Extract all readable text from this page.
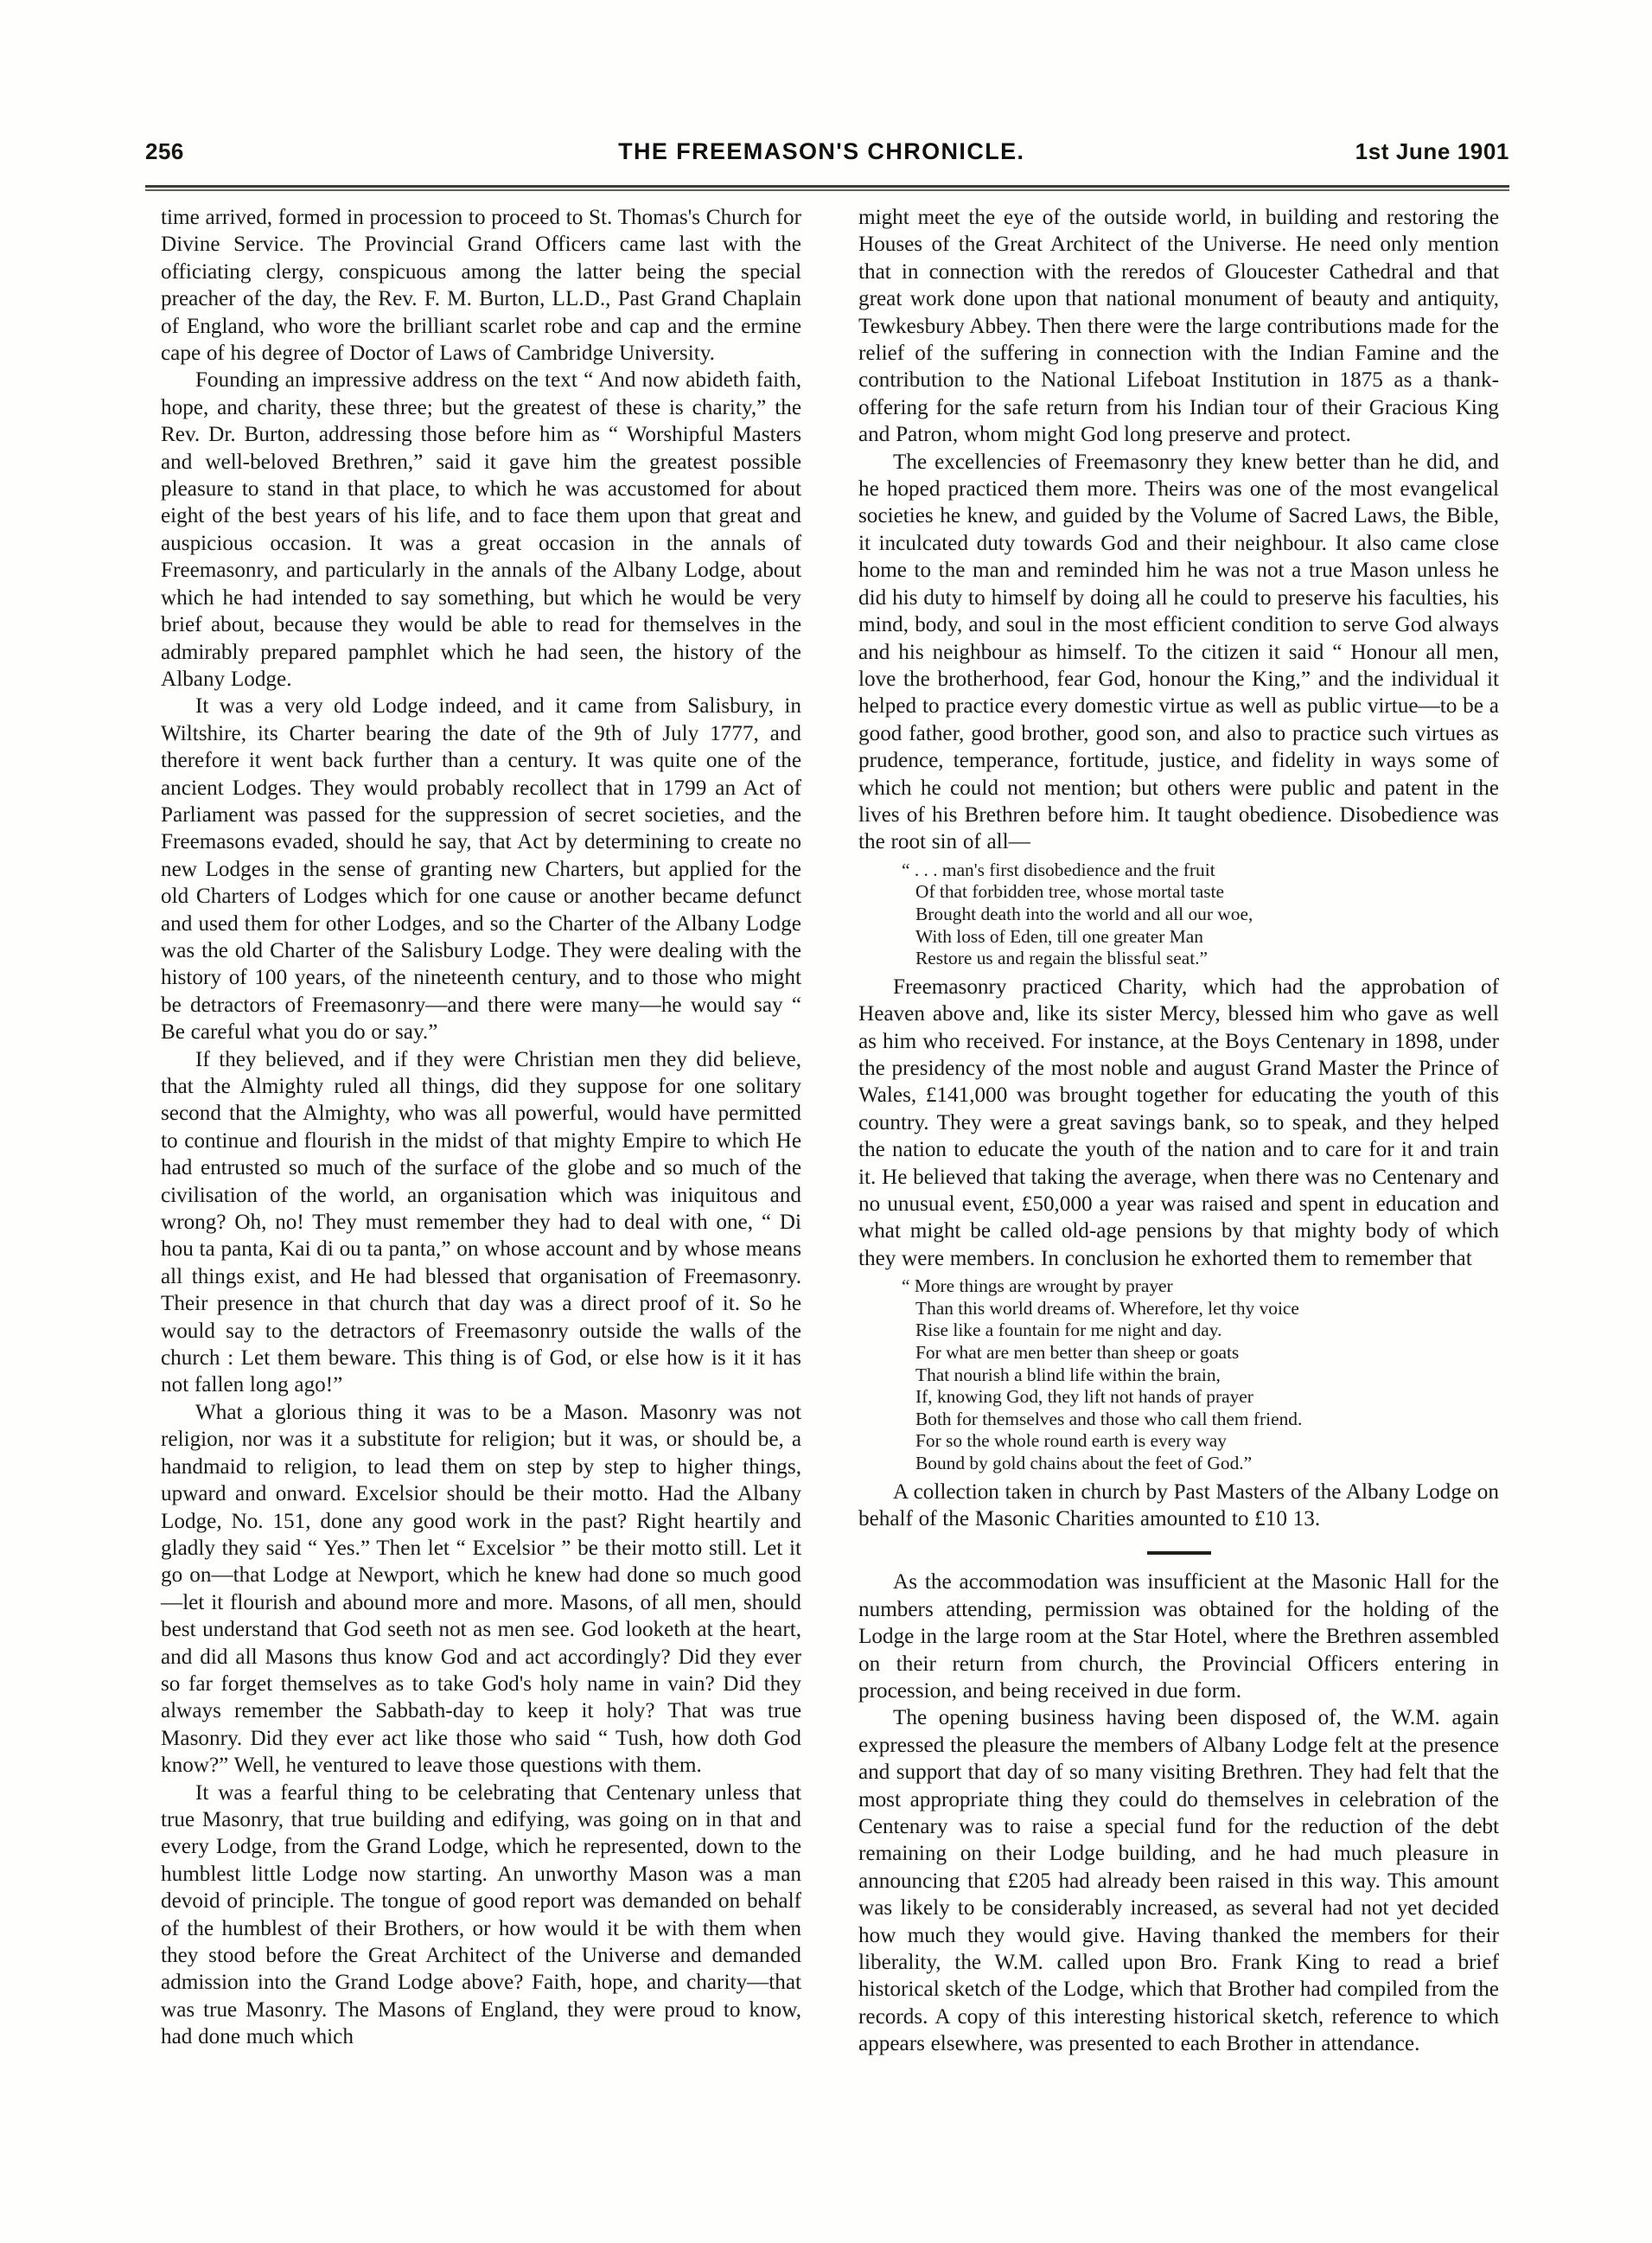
256	THE FREEMASON'S CHRONICLE.	1st June 1901

time arrived, formed in procession to proceed to St. Thomas's Church for Divine Service. The Provincial Grand Officers came last with the officiating clergy, conspicuous among the latter being the special preacher of the day, the Rev. F. M. Burton, LL.D., Past Grand Chaplain of England, who wore the brilliant scarlet robe and cap and the ermine cape of his degree of Doctor of Laws of Cambridge University.

Founding an impressive address on the text “ And now abideth faith, hope, and charity, these three; but the greatest of these is charity,” the Rev. Dr. Burton, addressing those before him as “ Worshipful Masters and well-beloved Brethren,” said it gave him the greatest possible pleasure to stand in that place, to which he was accustomed for about eight of the best years of his life, and to face them upon that great and auspicious occasion. It was a great occasion in the annals of Freemasonry, and particularly in the annals of the Albany Lodge, about which he had intended to say something, but which he would be very brief about, because they would be able to read for themselves in the admirably prepared pamphlet which he had seen, the history of the Albany Lodge.

It was a very old Lodge indeed, and it came from Salisbury, in Wiltshire, its Charter bearing the date of the 9th of July 1777, and therefore it went back further than a century. It was quite one of the ancient Lodges. They would probably recollect that in 1799 an Act of Parliament was passed for the suppression of secret societies, and the Freemasons evaded, should he say, that Act by determining to create no new Lodges in the sense of granting new Charters, but applied for the old Charters of Lodges which for one cause or another became defunct and used them for other Lodges, and so the Charter of the Albany Lodge was the old Charter of the Salisbury Lodge. They were dealing with the history of 100 years, of the nineteenth century, and to those who might be detractors of Freemasonry—and there were many—he would say “ Be careful what you do or say.”

If they believed, and if they were Christian men they did believe, that the Almighty ruled all things, did they suppose for one solitary second that the Almighty, who was all powerful, would have permitted to continue and flourish in the midst of that mighty Empire to which He had entrusted so much of the surface of the globe and so much of the civilisation of the world, an organisation which was iniquitous and wrong? Oh, no! They must remember they had to deal with one, “ Di hou ta panta, Kai di ou ta panta,” on whose account and by whose means all things exist, and He had blessed that organisation of Freemasonry. Their presence in that church that day was a direct proof of it. So he would say to the detractors of Freemasonry outside the walls of the church : Let them beware. This thing is of God, or else how is it it has not fallen long ago!”

What a glorious thing it was to be a Mason. Masonry was not religion, nor was it a substitute for religion; but it was, or should be, a handmaid to religion, to lead them on step by step to higher things, upward and onward. Excelsior should be their motto. Had the Albany Lodge, No. 151, done any good work in the past? Right heartily and gladly they said “ Yes.” Then let “ Excelsior ” be their motto still. Let it go on—that Lodge at Newport, which he knew had done so much good—let it flourish and abound more and more. Masons, of all men, should best understand that God seeth not as men see. God looketh at the heart, and did all Masons thus know God and act accordingly? Did they ever so far forget themselves as to take God's holy name in vain? Did they always remember the Sabbath-day to keep it holy? That was true Masonry. Did they ever act like those who said “ Tush, how doth God know?” Well, he ventured to leave those questions with them.

It was a fearful thing to be celebrating that Centenary unless that true Masonry, that true building and edifying, was going on in that and every Lodge, from the Grand Lodge, which he represented, down to the humblest little Lodge now starting. An unworthy Mason was a man devoid of principle. The tongue of good report was demanded on behalf of the humblest of their Brothers, or how would it be with them when they stood before the Great Architect of the Universe and demanded admission into the Grand Lodge above? Faith, hope, and charity—that was true Masonry. The Masons of England, they were proud to know, had done much which

might meet the eye of the outside world, in building and restoring the Houses of the Great Architect of the Universe. He need only mention that in connection with the reredos of Gloucester Cathedral and that great work done upon that national monument of beauty and antiquity, Tewkesbury Abbey. Then there were the large contributions made for the relief of the suffering in connection with the Indian Famine and the contribution to the National Lifeboat Institution in 1875 as a thank-offering for the safe return from his Indian tour of their Gracious King and Patron, whom might God long preserve and protect.

The excellencies of Freemasonry they knew better than he did, and he hoped practiced them more. Theirs was one of the most evangelical societies he knew, and guided by the Volume of Sacred Laws, the Bible, it inculcated duty towards God and their neighbour. It also came close home to the man and reminded him he was not a true Mason unless he did his duty to himself by doing all he could to preserve his faculties, his mind, body, and soul in the most efficient condition to serve God always and his neighbour as himself. To the citizen it said “ Honour all men, love the brotherhood, fear God, honour the King,” and the individual it helped to practice every domestic virtue as well as public virtue—to be a good father, good brother, good son, and also to practice such virtues as prudence, temperance, fortitude, justice, and fidelity in ways some of which he could not mention; but others were public and patent in the lives of his Brethren before him. It taught obedience. Disobedience was the root sin of all—

“ . . . man's first disobedience and the fruit
Of that forbidden tree, whose mortal taste
Brought death into the world and all our woe,
With loss of Eden, till one greater Man
Restore us and regain the blissful seat.”

Freemasonry practiced Charity, which had the approbation of Heaven above and, like its sister Mercy, blessed him who gave as well as him who received. For instance, at the Boys Centenary in 1898, under the presidency of the most noble and august Grand Master the Prince of Wales, £141,000 was brought together for educating the youth of this country. They were a great savings bank, so to speak, and they helped the nation to educate the youth of the nation and to care for it and train it. He believed that taking the average, when there was no Centenary and no unusual event, £50,000 a year was raised and spent in education and what might be called old-age pensions by that mighty body of which they were members. In conclusion he exhorted them to remember that

“ More things are wrought by prayer
Than this world dreams of. Wherefore, let thy voice
Rise like a fountain for me night and day.
For what are men better than sheep or goats
That nourish a blind life within the brain,
If, knowing God, they lift not hands of prayer
Both for themselves and those who call them friend.
For so the whole round earth is every way
Bound by gold chains about the feet of God.”

A collection taken in church by Past Masters of the Albany Lodge on behalf of the Masonic Charities amounted to £10 13.

As the accommodation was insufficient at the Masonic Hall for the numbers attending, permission was obtained for the holding of the Lodge in the large room at the Star Hotel, where the Brethren assembled on their return from church, the Provincial Officers entering in procession, and being received in due form.

The opening business having been disposed of, the W.M. again expressed the pleasure the members of Albany Lodge felt at the presence and support that day of so many visiting Brethren. They had felt that the most appropriate thing they could do themselves in celebration of the Centenary was to raise a special fund for the reduction of the debt remaining on their Lodge building, and he had much pleasure in announcing that £205 had already been raised in this way. This amount was likely to be considerably increased, as several had not yet decided how much they would give. Having thanked the members for their liberality, the W.M. called upon Bro. Frank King to read a brief historical sketch of the Lodge, which that Brother had compiled from the records. A copy of this interesting historical sketch, reference to which appears elsewhere, was presented to each Brother in attendance.
